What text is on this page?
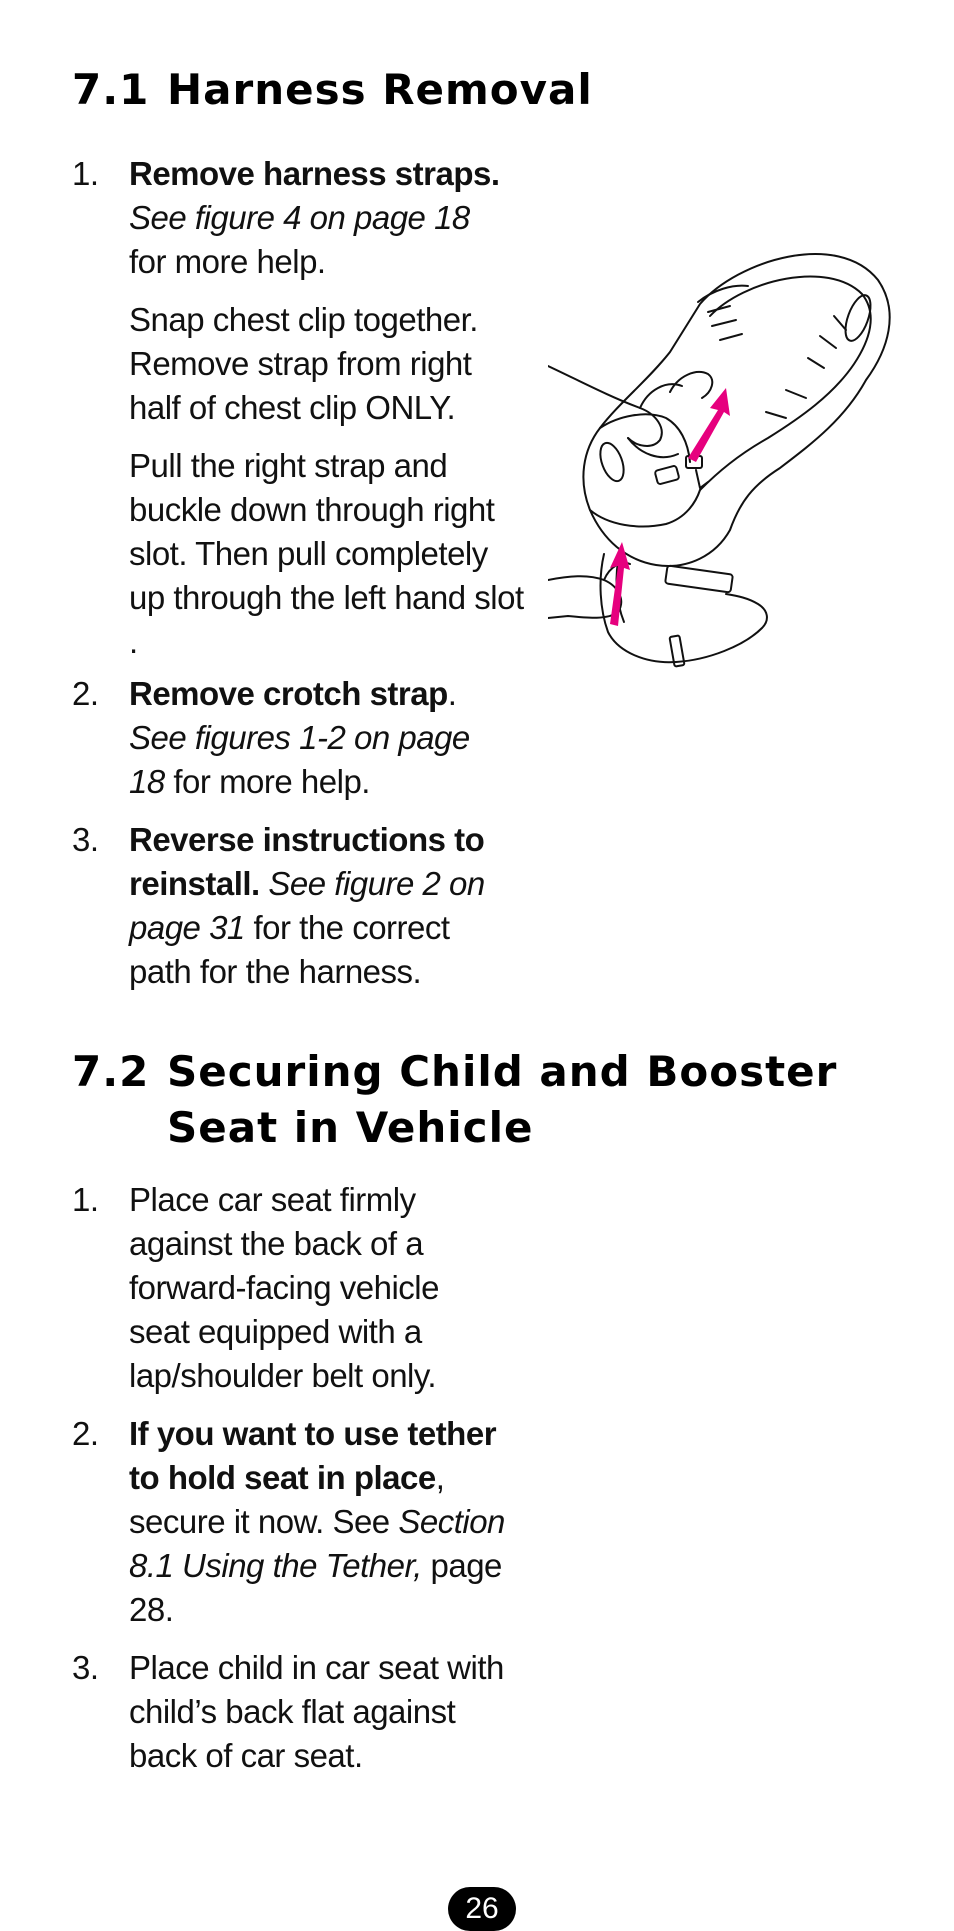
7.1 Harness Removal
1. Remove harness straps.
See figure 4 on page 18
for more help.

Snap chest clip together. Remove strap from right half of chest clip ONLY.

Pull the right strap and buckle down through right slot. Then pull completely up through the left hand slot .

2. Remove crotch strap.
See figures 1-2 on page 18 for more help.

3. Reverse instructions to reinstall. See figure 2 on page 31 for the correct path for the harness.

7.2 Securing Child and Booster
Seat in Vehicle
1. Place car seat firmly against the back of a forward-facing vehicle seat equipped with a lap/shoulder belt only.

2. If you want to use tether to hold seat in place, secure it now. See Section 8.1 Using the Tether, page 28.

3. Place child in car seat with child’s back flat against back of car seat.

26
